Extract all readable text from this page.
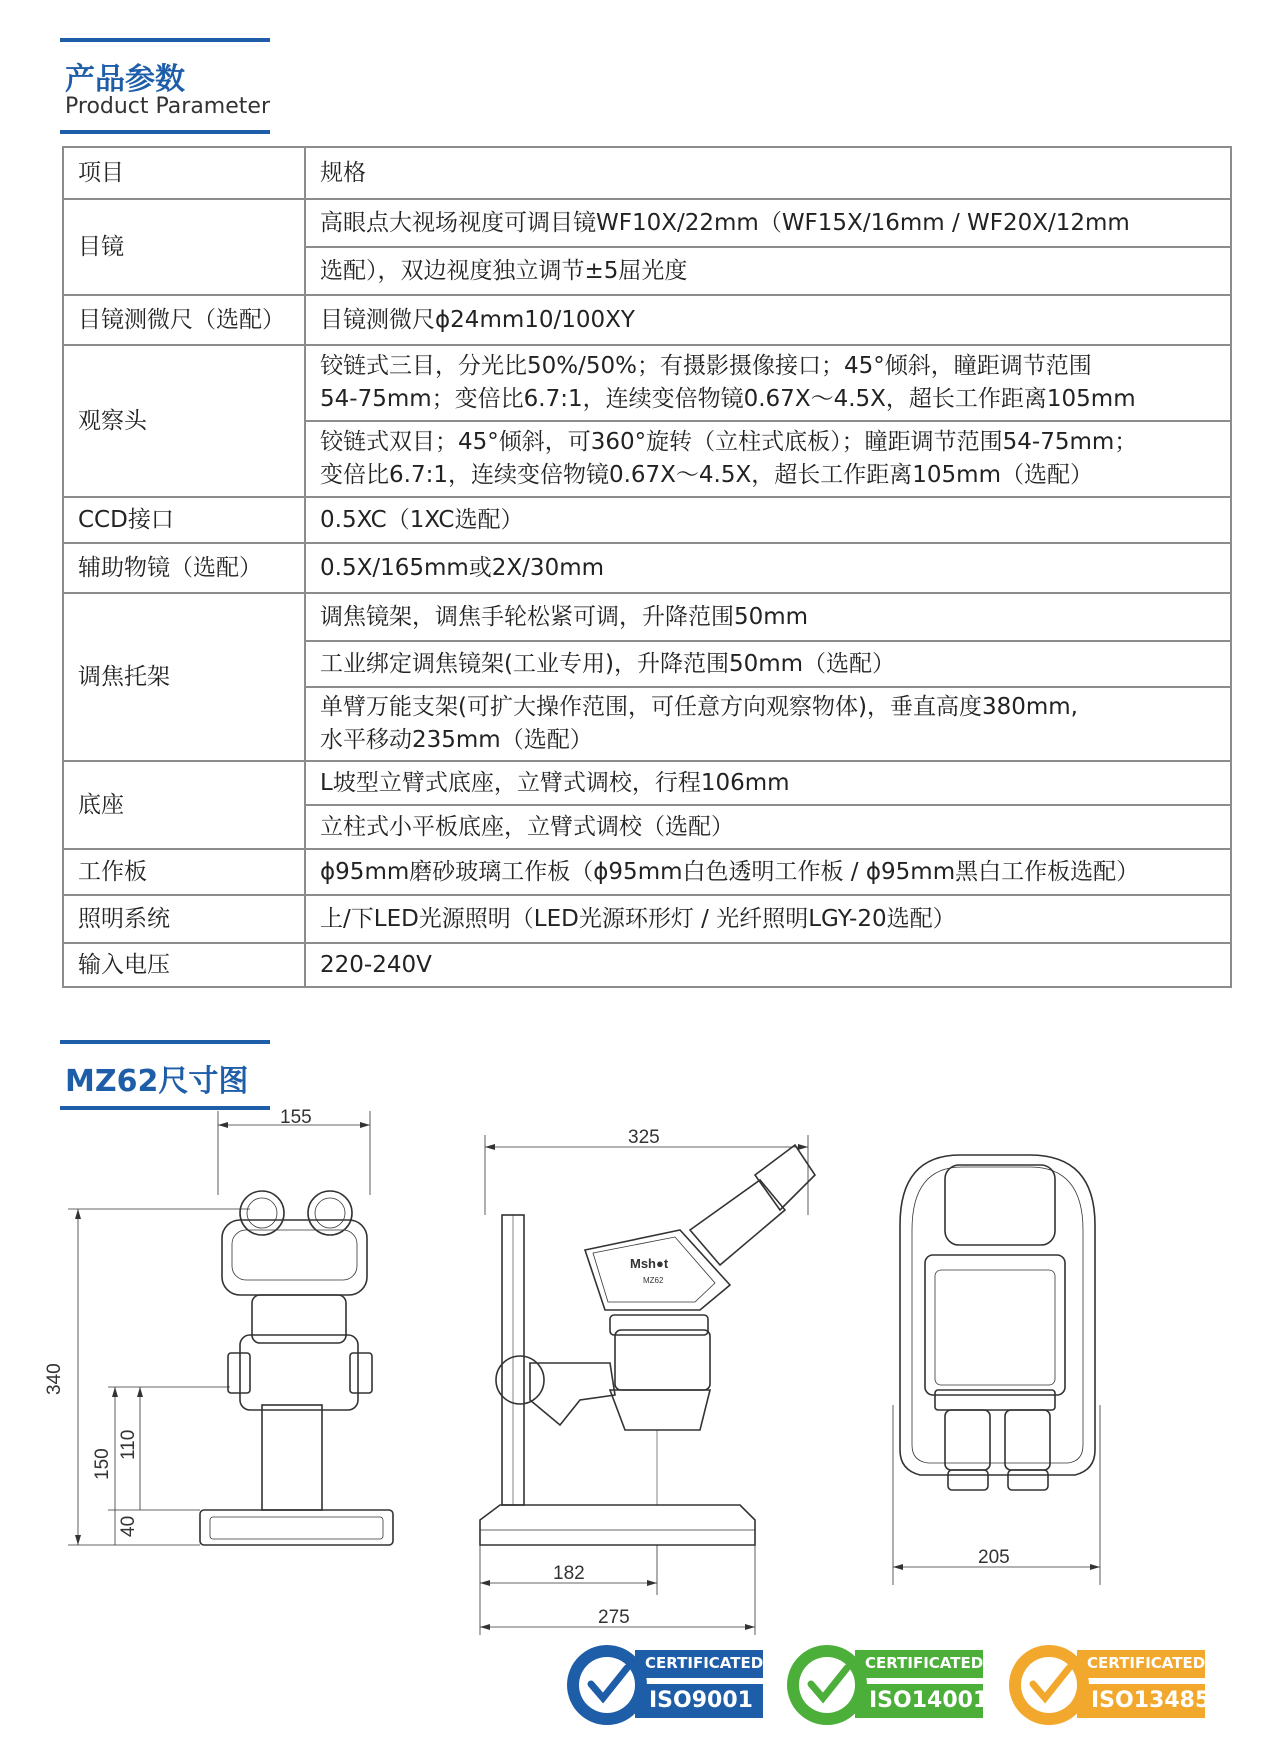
产品参数
Product Parameter
项目	规格
目镜	高眼点大视场视度可调目镜WF10X/22mm（WF15X/16mm / WF20X/12mm
	选配），双边视度独立调节±5屈光度
目镜测微尺（选配）	目镜测微尺ϕ24mm10/100XY
观察头	铰链式三目，分光比50%/50%；有摄影摄像接口；45°倾斜，瞳距调节范围
54-75mm；变倍比6.7:1，连续变倍物镜0.67X～4.5X，超长工作距离105mm

	铰链式双目；45°倾斜，可360°旋转（立柱式底板）；瞳距调节范围54-75mm；
变倍比6.7:1，连续变倍物镜0.67X～4.5X，超长工作距离105mm（选配）

CCD接口	0.5XC（1XC选配）
辅助物镜（选配）	0.5X/165mm或2X/30mm
调焦托架	调焦镜架，调焦手轮松紧可调，升降范围50mm
	工业绑定调焦镜架(工业专用)，升降范围50mm（选配）

	单臂万能支架(可扩大操作范围，可任意方向观察物体)，垂直高度380mm,
水平移动235mm（选配）

底座	L坡型立臂式底座，立臂式调校，行程106mm
	立柱式小平板底座，立臂式调校（选配）
工作板	ϕ95mm磨砂玻璃工作板（ϕ95mm白色透明工作板 / ϕ95mm黑白工作板选配）
照明系统	上/下LED光源照明（LED光源环形灯 / 光纤照明LGY-20选配）
输入电压	220-240V
MZ62尺寸图
155
340
150
110
40
325
Msh●t
MZ62
182
275
205
CERTIFICATED
ISO9001
CERTIFICATED
ISO14001
CERTIFICATED
ISO13485
